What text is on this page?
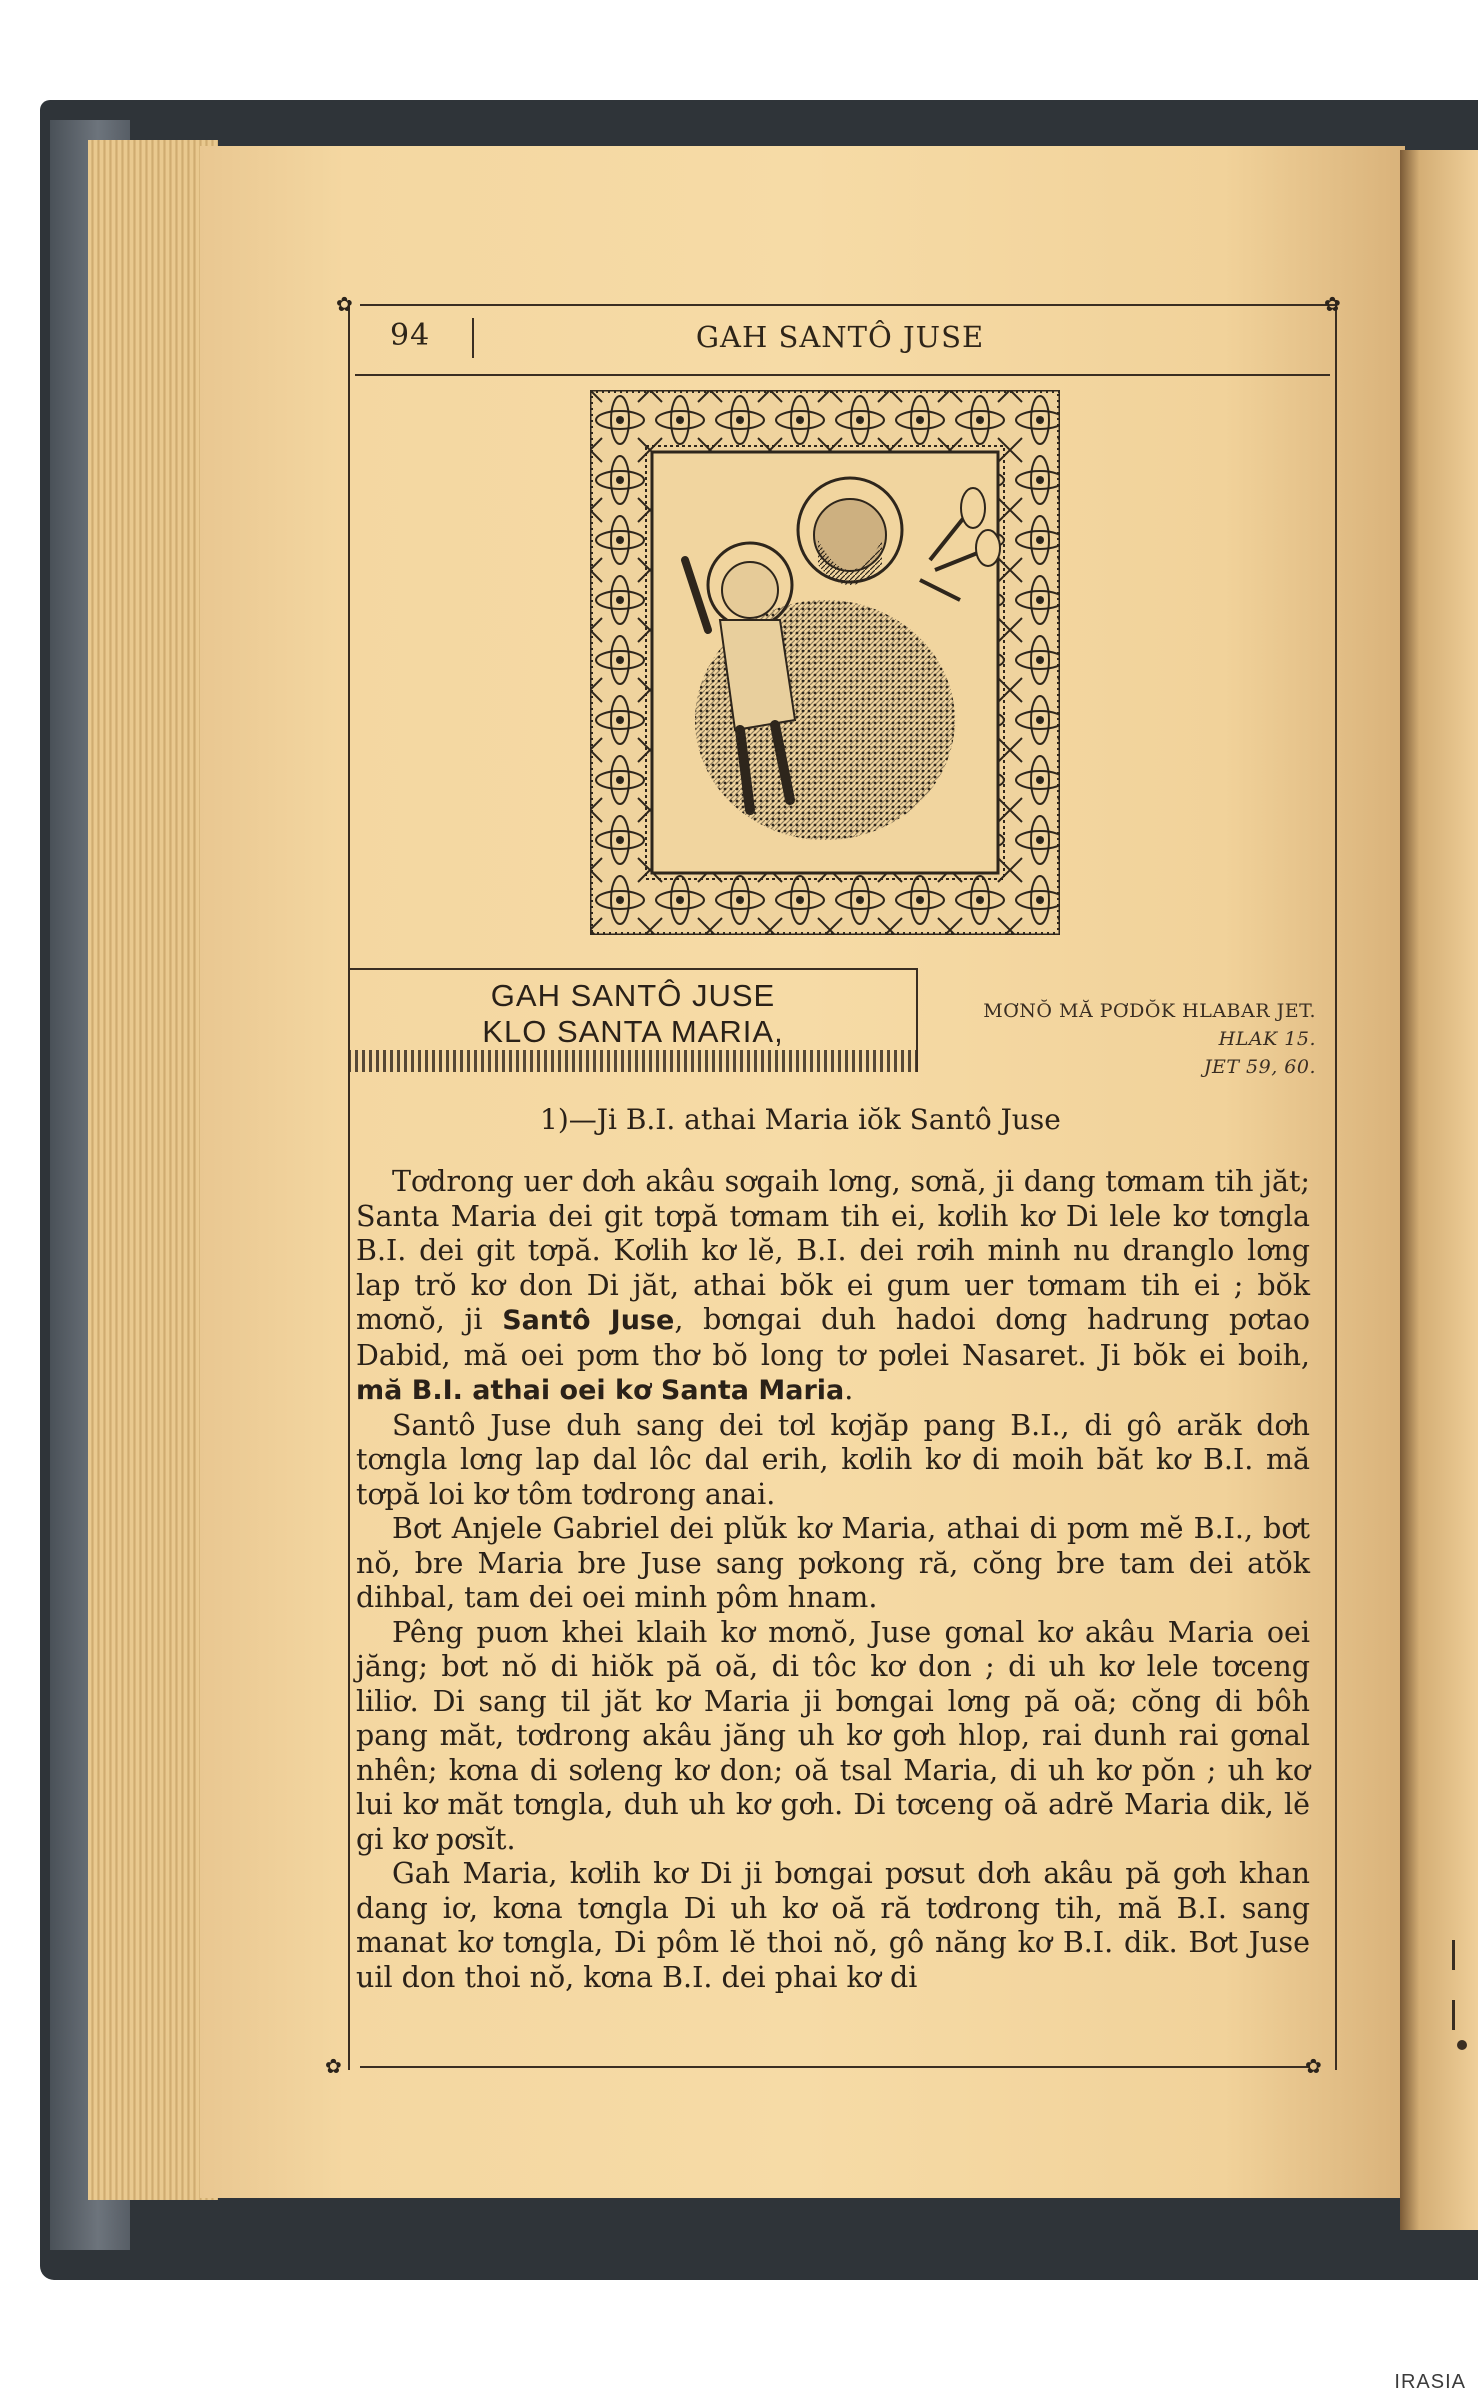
✿	✿
✿	✿
94	GAH SANTÔ JUSE
GAH SANTÔ JUSE
KLO SANTA MARIA,
MƠNŎ MĂ PƠDŎK HLABAR JET.
HLAK 15.
JET 59, 60.
1)—Ji B.I. athai Maria iŏk Santô Juse

Tơdrong uer dơh akâu sơgaih lơng, sơnă, ji dang tơmam tih jăt; Santa Maria dei git tơpă tơmam tih ei, kơlih kơ Di lele kơ tơngla B.I. dei git tơpă. Kơlih kơ lĕ, B.I. dei rơih minh nu dranglo lơng lap trŏ kơ don Di jăt, athai bŏk ei gum uer tơmam tih ei ; bŏk mơnŏ, ji Santô Juse, bơngai duh hadoi dơng hadrung pơtao Dabid, mă oei pơm thơ bŏ long tơ pơlei Nasaret. Ji bŏk ei boih, mă B.I. athai oei kơ Santa Maria.

Santô Juse duh sang dei tơl kơjăp pang B.I., di gô arăk dơh tơngla lơng lap dal lôc dal erih, kơlih kơ di moih băt kơ B.I. mă tơpă loi kơ tôm tơdrong anai.

Bơt Anjele Gabriel dei plŭk kơ Maria, athai di pơm mĕ B.I., bơt nŏ, bre Maria bre Juse sang pơkong ră, cŏng bre tam dei atŏk dihbal, tam dei oei minh pôm hnam.

Pêng puơn khei klaih kơ mơnŏ, Juse gơnal kơ akâu Maria oei jăng; bơt nŏ di hiŏk pă oă, di tôc kơ don ; di uh kơ lele tơceng liliơ. Di sang til jăt kơ Maria ji bơngai lơng pă oă; cŏng di bôh pang măt, tơdrong akâu jăng uh kơ gơh hlop, rai dunh rai gơnal nhên; kơna di sơleng kơ don; oă tsal Maria, di uh kơ pŏn ; uh kơ lui kơ măt tơngla, duh uh kơ gơh. Di tơceng oă adrĕ Maria dik, lĕ gi kơ pơsĭt.

Gah Maria, kơlih kơ Di ji bơngai pơsut dơh akâu pă gơh khan dang iơ, kơna tơngla Di uh kơ oă ră tơdrong tih, mă B.I. sang manat kơ tơngla, Di pôm lĕ thoi nŏ, gô năng kơ B.I. dik. Bơt Juse uil don thoi nŏ, kơna B.I. dei phai kơ di

IRASIA
